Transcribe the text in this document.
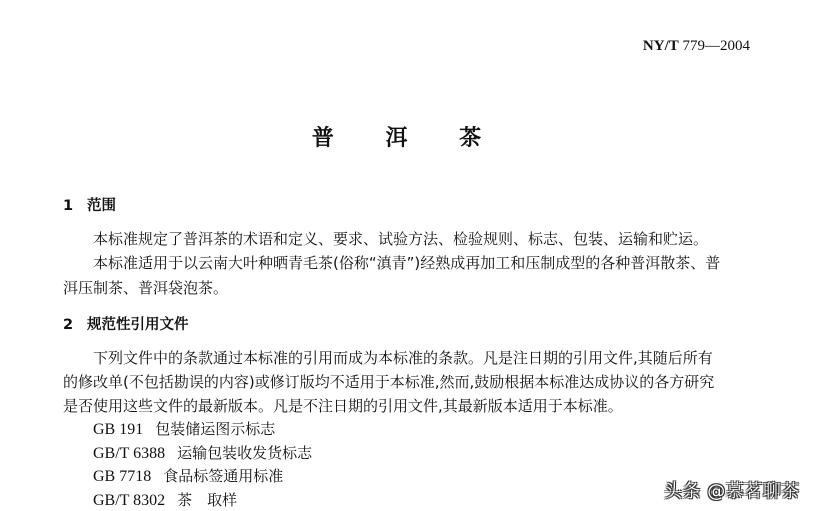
NY/T 779—2004
普 洱 茶
1 范围
本标准规定了普洱茶的术语和定义、要求、试验方法、检验规则、标志、包装、运输和贮运。
本标准适用于以云南大叶种晒青毛茶(俗称“滇青”)经熟成再加工和压制成型的各种普洱散茶、普
洱压制茶、普洱袋泡茶。
2 规范性引用文件
下列文件中的条款通过本标准的引用而成为本标准的条款。凡是注日期的引用文件,其随后所有
的修改单(不包括勘误的内容)或修订版均不适用于本标准,然而,鼓励根据本标准达成协议的各方研究
是否使用这些文件的最新版本。凡是不注日期的引用文件,其最新版本适用于本标准。
GB 191 包装储运图示标志
GB/T 6388 运输包装收发货标志
GB 7718 食品标签通用标准
GB/T 8302 茶　取样	头条 @慕茗聊茶
